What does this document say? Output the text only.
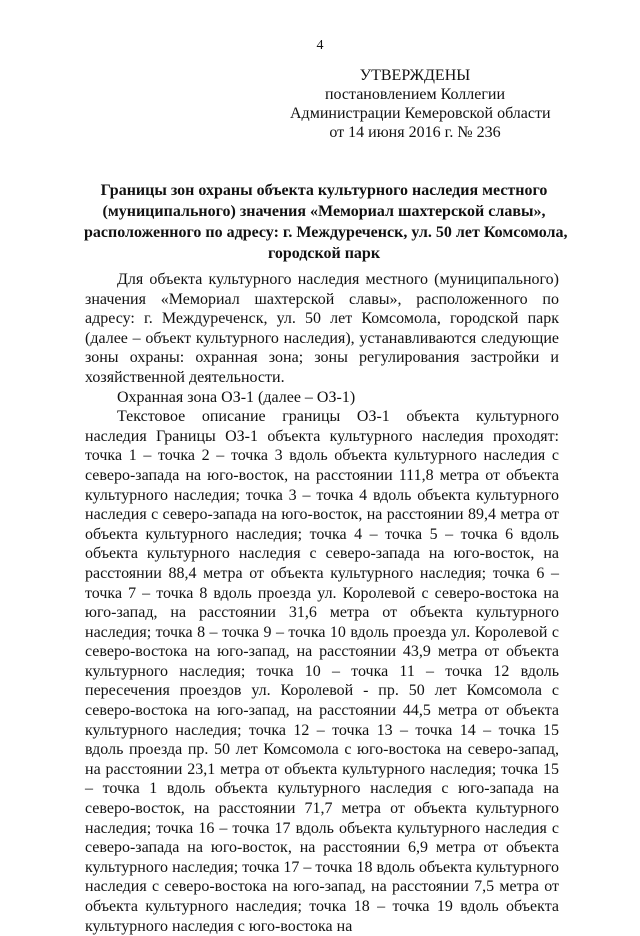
4
УТВЕРЖДЕНЫ
постановлением Коллегии
Администрации Кемеровской области
от 14 июня 2016 г. № 236
Границы зон охраны объекта культурного наследия местного
(муниципального) значения «Мемориал шахтерской славы»,
расположенного по адресу: г. Междуреченск, ул. 50 лет Комсомола,
городской парк

Для объекта культурного наследия местного (муниципального) значения «Мемориал шахтерской славы», расположенного по адресу: г. Междуреченск, ул. 50 лет Комсомола, городской парк (далее – объект культурного наследия), устанавливаются следующие зоны охраны: охранная зона; зоны регулирования застройки и хозяйственной деятельности.

Охранная зона ОЗ-1 (далее – ОЗ-1)

Текстовое описание границы ОЗ-1 объекта культурного наследия Границы ОЗ-1 объекта культурного наследия проходят: точка 1 – точка 2 – точка 3 вдоль объекта культурного наследия с северо-запада на юго-восток, на расстоянии 111,8 метра от объекта культурного наследия; точка 3 – точка 4 вдоль объекта культурного наследия с северо-запада на юго-восток, на расстоянии 89,4 метра от объекта культурного наследия; точка 4 – точка 5 – точка 6 вдоль объекта культурного наследия с северо-запада на юго-восток, на расстоянии 88,4 метра от объекта культурного наследия; точка 6 – точка 7 – точка 8 вдоль проезда ул. Королевой с северо-востока на юго-запад, на расстоянии 31,6 метра от объекта культурного наследия; точка 8 – точка 9 – точка 10 вдоль проезда ул. Королевой с северо-востока на юго-запад, на расстоянии 43,9 метра от объекта культурного наследия; точка 10 – точка 11 – точка 12 вдоль пересечения проездов ул. Королевой - пр. 50 лет Комсомола с северо-востока на юго-запад, на расстоянии 44,5 метра от объекта культурного наследия; точка 12 – точка 13 – точка 14 – точка 15 вдоль проезда пр. 50 лет Комсомола с юго-востока на северо-запад, на расстоянии 23,1 метра от объекта культурного наследия; точка 15 – точка 1 вдоль объекта культурного наследия с юго-запада на северо-восток, на расстоянии 71,7 метра от объекта культурного наследия; точка 16 – точка 17 вдоль объекта культурного наследия с северо-запада на юго-восток, на расстоянии 6,9 метра от объекта культурного наследия; точка 17 – точка 18 вдоль объекта культурного наследия с северо-востока на юго-запад, на расстоянии 7,5 метра от объекта культурного наследия; точка 18 – точка 19 вдоль объекта культурного наследия с юго-востока на
